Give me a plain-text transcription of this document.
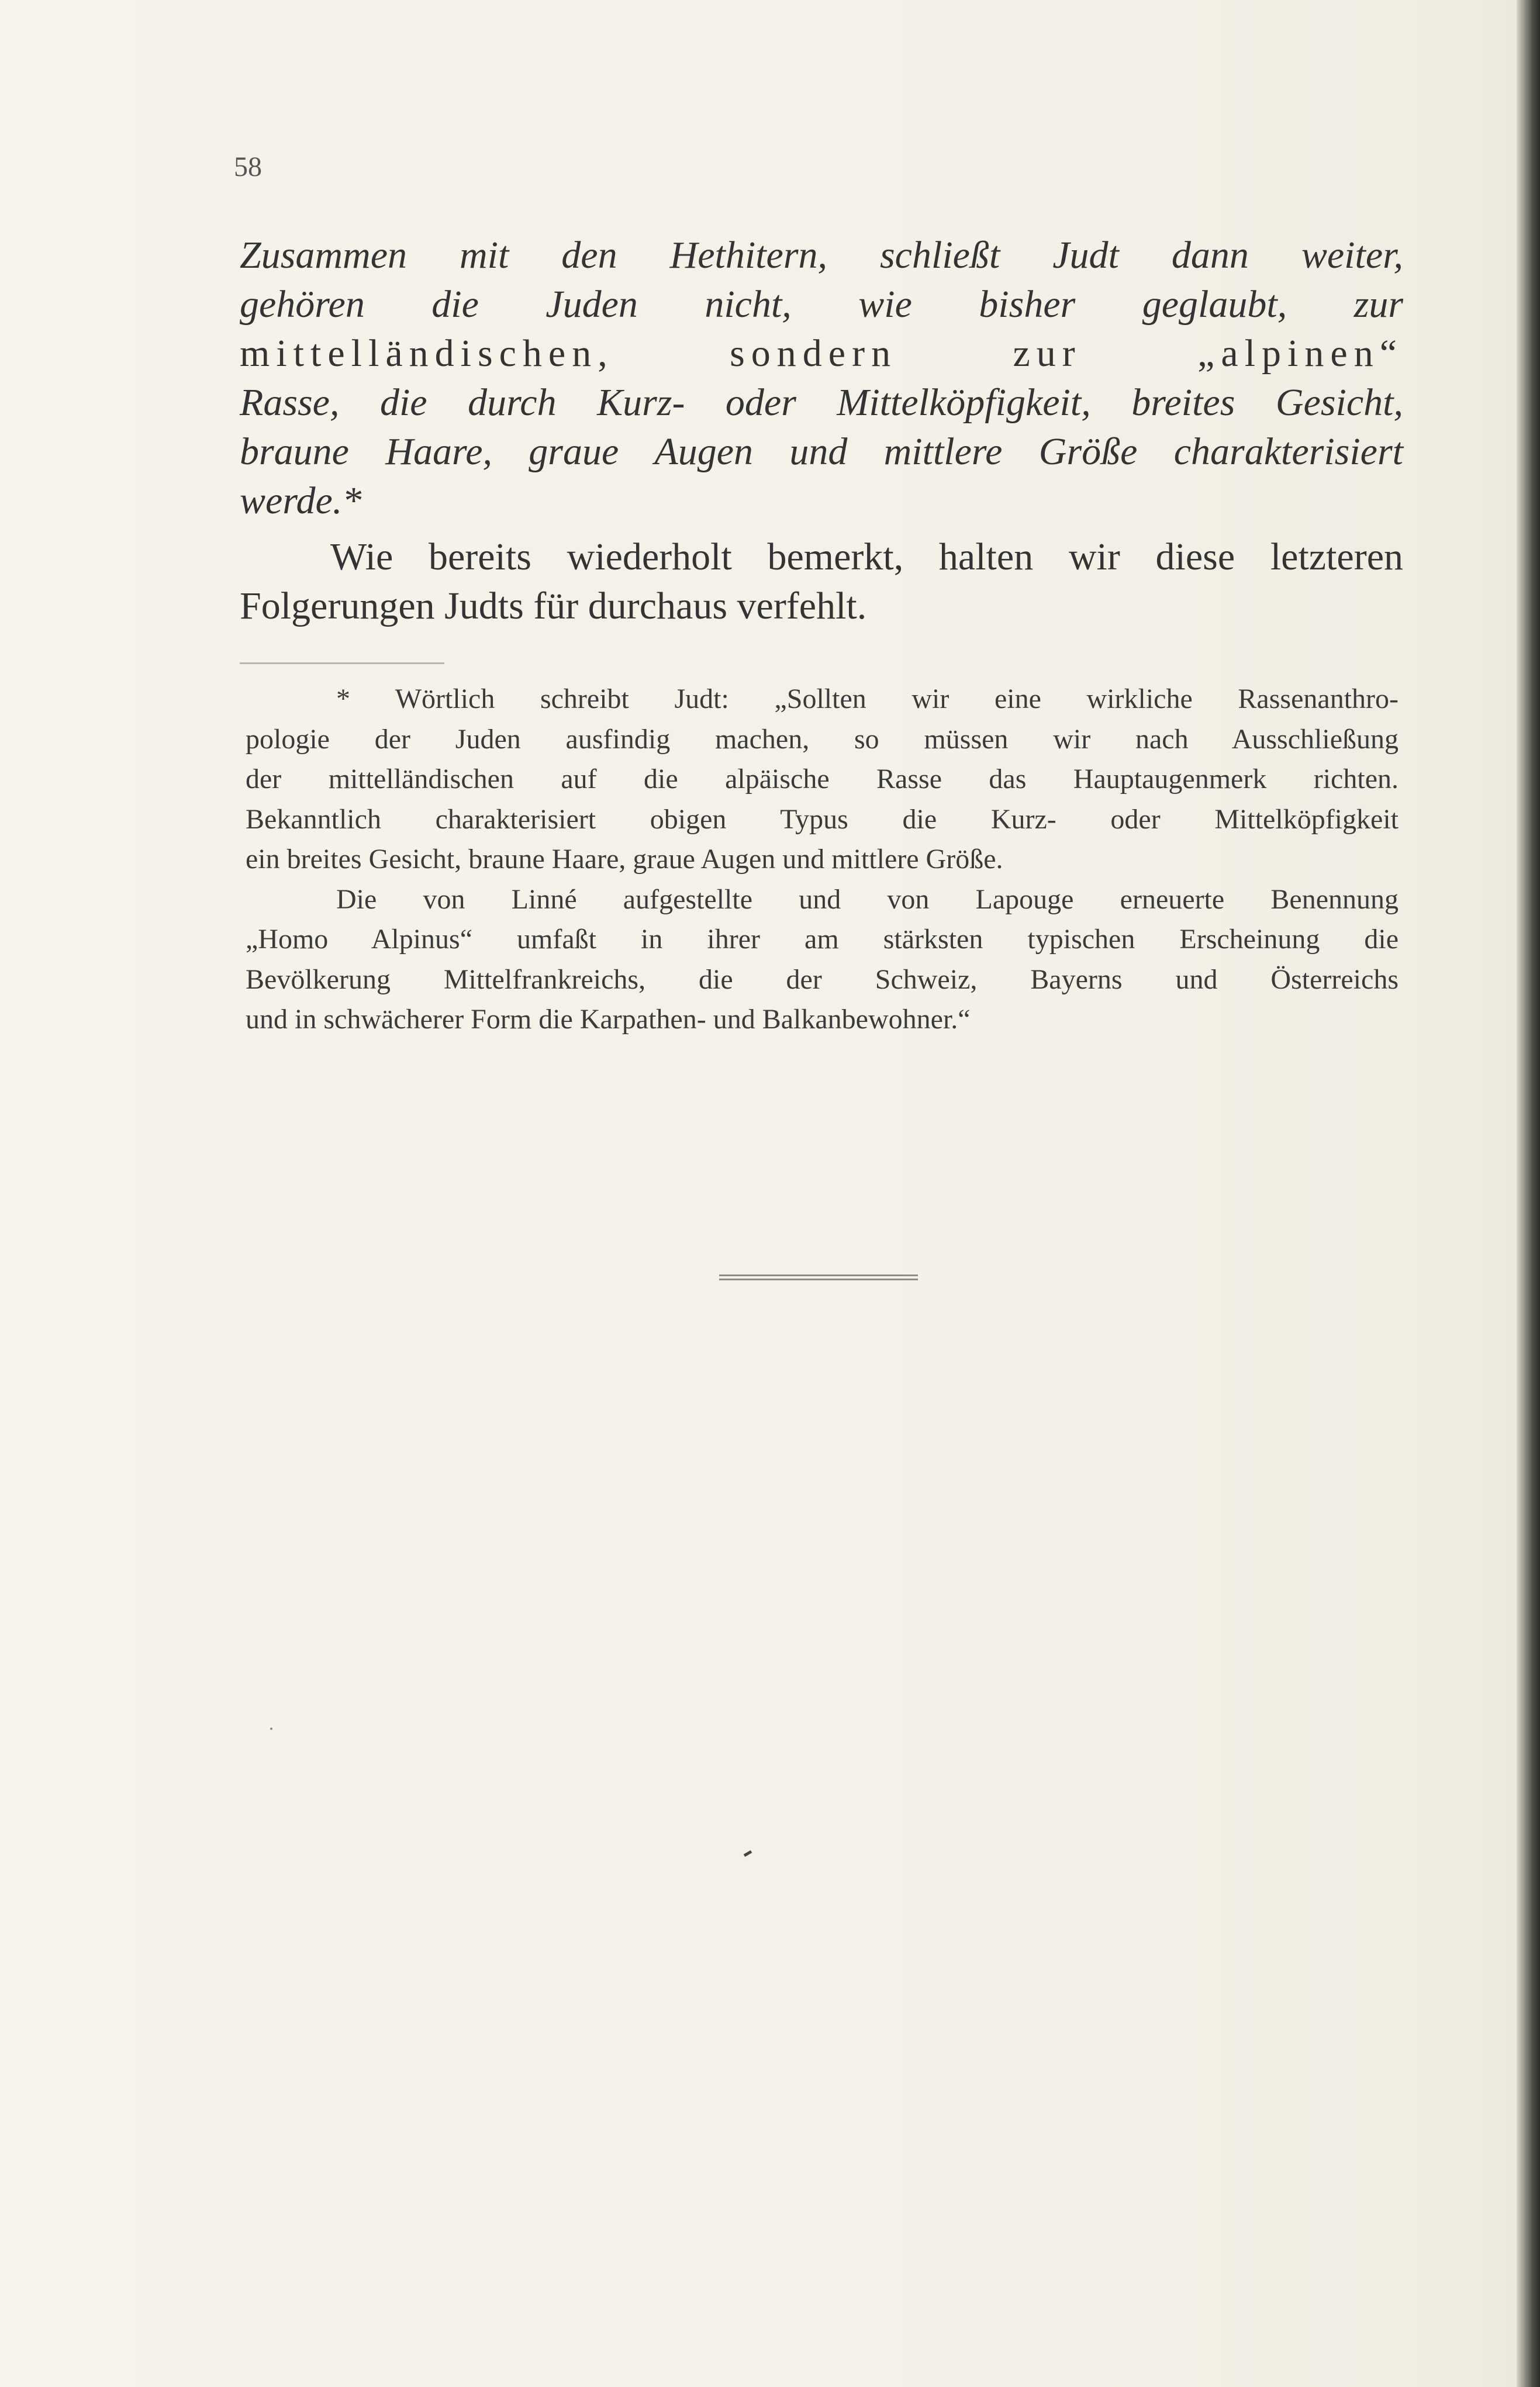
58
Zusammen mit den Hethitern, schließt Judt dann weiter,
gehören die Juden nicht, wie bisher geglaubt, zur
mittelländischen, sondern zur „alpinen“
Rasse, die durch Kurz- oder Mittelköpfigkeit, breites Gesicht,
braune Haare, graue Augen und mittlere Größe charakterisiert
werde.*
Wie bereits wiederholt bemerkt, halten wir diese letzteren
Folgerungen Judts für durchaus verfehlt.
* Wörtlich schreibt Judt: „Sollten wir eine wirkliche Rassenanthro-
pologie der Juden ausfindig machen, so müssen wir nach Ausschließung
der mittelländischen auf die alpäische Rasse das Hauptaugenmerk richten.
Bekanntlich charakterisiert obigen Typus die Kurz- oder Mittelköpfigkeit
ein breites Gesicht, braune Haare, graue Augen und mittlere Größe.
Die von Linné aufgestellte und von Lapouge erneuerte Benennung
„Homo Alpinus“ umfaßt in ihrer am stärksten typischen Erscheinung die
Bevölkerung Mittelfrankreichs, die der Schweiz, Bayerns und Österreichs
und in schwächerer Form die Karpathen- und Balkanbewohner.“
